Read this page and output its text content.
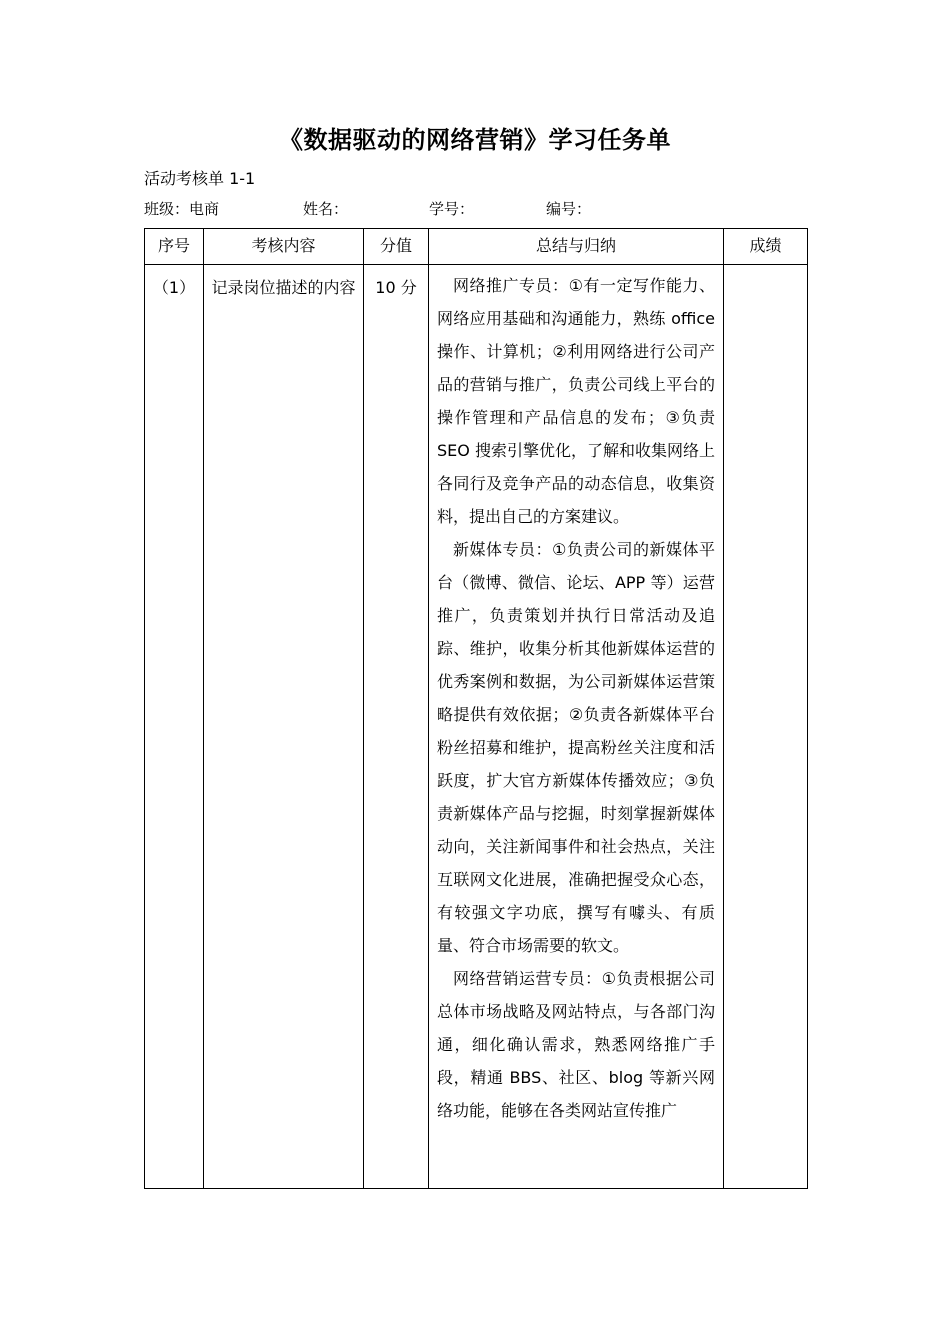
《数据驱动的网络营销》学习任务单
活动考核单 1-1
班级：电商	姓名：	学号：	编号：
序号	考核内容	分值	总结与归纳	成绩
（1）	记录岗位描述的内容	10 分	网络推广专员：①有一定写作能力、网络应用基础和沟通能力，熟练 office 操作、计算机；②利用网络进行公司产品的营销与推广，负责公司线上平台的操作管理和产品信息的发布；③负责 SEO 搜索引擎优化，了解和收集网络上各同行及竞争产品的动态信息，收集资料，提出自己的方案建议。

新媒体专员：①负责公司的新媒体平台（微博、微信、论坛、APP 等）运营推广，负责策划并执行日常活动及追踪、维护，收集分析其他新媒体运营的优秀案例和数据，为公司新媒体运营策略提供有效依据；②负责各新媒体平台粉丝招募和维护，提高粉丝关注度和活跃度，扩大官方新媒体传播效应；③负责新媒体产品与挖掘，时刻掌握新媒体动向，关注新闻事件和社会热点，关注互联网文化进展，准确把握受众心态，有较强文字功底，撰写有噱头、有质量、符合市场需要的软文。

网络营销运营专员：①负责根据公司总体市场战略及网站特点，与各部门沟通，细化确认需求，熟悉网络推广手段，精通 BBS、社区、blog 等新兴网络功能，能够在各类网站宣传推广	
